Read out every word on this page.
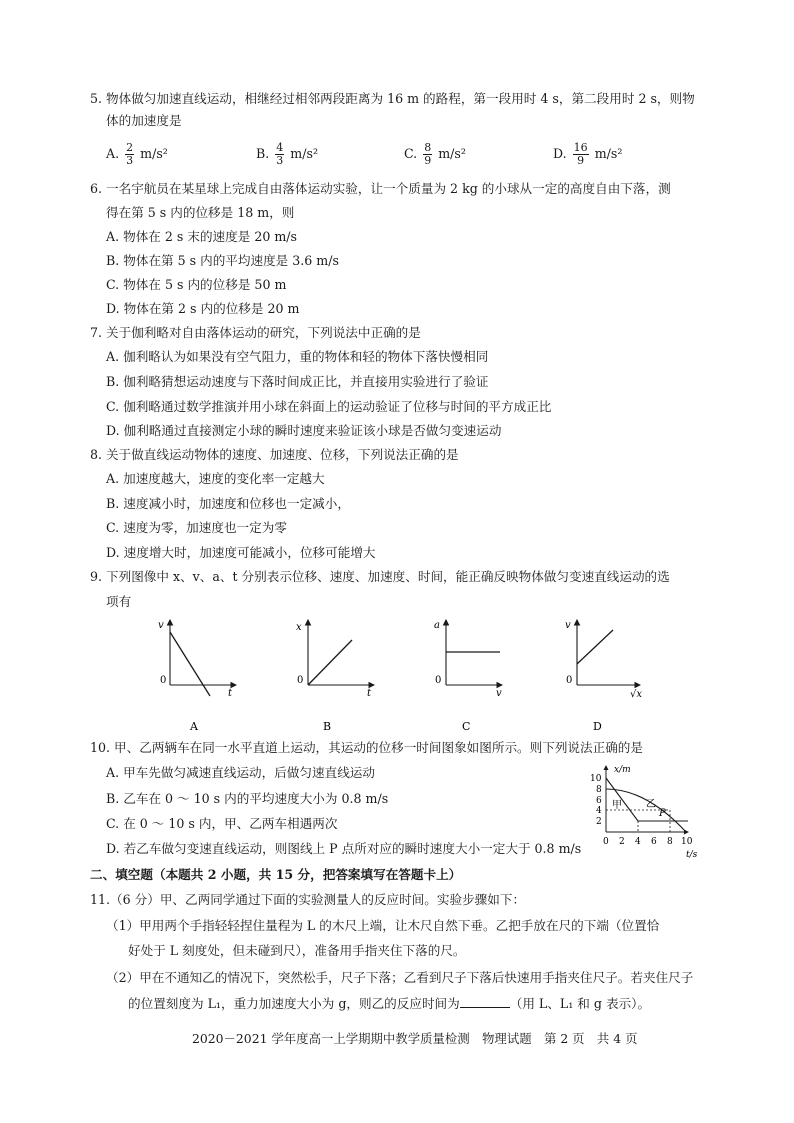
5. 物体做匀加速直线运动，相继经过相邻两段距离为 16 m 的路程，第一段用时 4 s，第二段用时 2 s，则物
体的加速度是
A. $\frac{2}{3} m/s^2$	B. $\frac{4}{3} m/s^2$	C. $\frac{8}{9} m/s^2$	D. $\frac{16}{9} m/s^2$
6. 一名宇航员在某星球上完成自由落体运动实验，让一个质量为 2 kg 的小球从一定的高度自由下落，测
得在第 5 s 内的位移是 18 m，则
A. 物体在 2 s 末的速度是 20 m/s
B. 物体在第 5 s 内的平均速度是 3.6 m/s
C. 物体在 5 s 内的位移是 50 m
D. 物体在第 2 s 内的位移是 20 m
7. 关于伽利略对自由落体运动的研究，下列说法中正确的是
A. 伽利略认为如果没有空气阻力，重的物体和轻的物体下落快慢相同
B. 伽利略猜想运动速度与下落时间成正比，并直接用实验进行了验证
C. 伽利略通过数学推演并用小球在斜面上的运动验证了位移与时间的平方成正比
D. 伽利略通过直接测定小球的瞬时速度来验证该小球是否做匀变速运动
8. 关于做直线运动物体的速度、加速度、位移，下列说法正确的是
A. 加速度越大，速度的变化率一定越大
B. 速度减小时，加速度和位移也一定减小，
C. 速度为零，加速度也一定为零
D. 速度增大时，加速度可能减小，位移可能增大
9. 下列图像中 x、v、a、t 分别表示位移、速度、加速度、时间，能正确反映物体做匀变速直线运动的选
项有
v
0
t
A
x
0
t
B
a
0
v
C
v
0
√x
D
10. 甲、乙两辆车在同一水平直道上运动，其运动的位移一时间图象如图所示。则下列说法正确的是
A. 甲车先做匀减速直线运动，后做匀速直线运动
B. 乙车在 0 ～ 10 s 内的平均速度大小为 0.8 m/s
C. 在 0 ～ 10 s 内，甲、乙两车相遇两次
D. 若乙车做匀变速直线运动，则图线上 P 点所对应的瞬时速度大小一定大于 0.8 m/s
x/m
t/s
10
8
6
4
2
0 2 4 6 8 10
甲 乙
P
二、填空题（本题共 2 小题，共 15 分，把答案填写在答题卡上）
11.（6 分）甲、乙两同学通过下面的实验测量人的反应时间。实验步骤如下：
（1）甲用两个手指轻轻捏住量程为 L 的木尺上端，让木尺自然下垂。乙把手放在尺的下端（位置恰
好处于 L 刻度处，但未碰到尺），准备用手指夹住下落的尺。
（2）甲在不通知乙的情况下，突然松手，尺子下落；乙看到尺子下落后快速用手指夹住尺子。若夹住尺子
的位置刻度为 L₁，重力加速度大小为 g，则乙的反应时间为	（用 L、L₁ 和 g 表示）。
2020－2021 学年度高一上学期期中教学质量检测　物理试题　第 2 页　共 4 页
